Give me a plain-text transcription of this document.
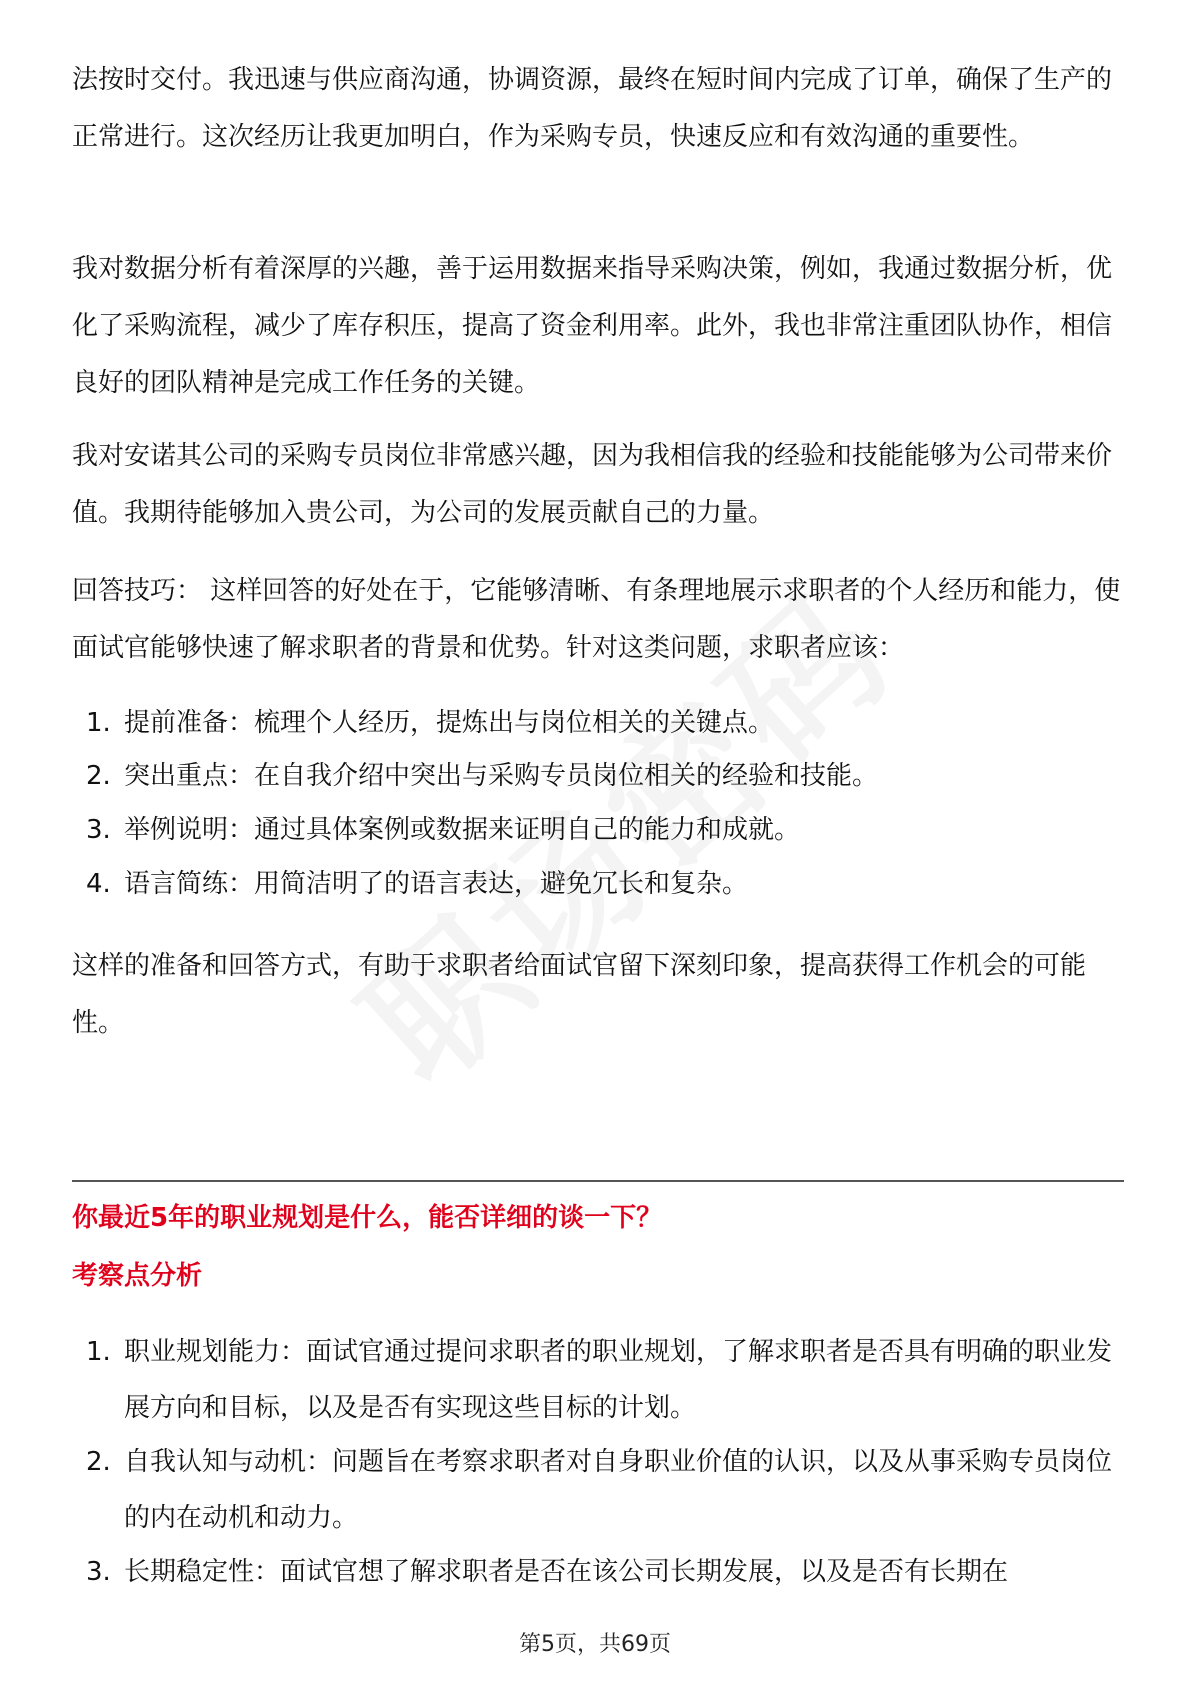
法按时交付。我迅速与供应商沟通，协调资源，最终在短时间内完成了订单，确保了生产的正常进行。这次经历让我更加明白，作为采购专员，快速反应和有效沟通的重要性。

我对数据分析有着深厚的兴趣，善于运用数据来指导采购决策，例如，我通过数据分析，优化了采购流程，减少了库存积压，提高了资金利用率。此外，我也非常注重团队协作，相信良好的团队精神是完成工作任务的关键。

我对安诺其公司的采购专员岗位非常感兴趣，因为我相信我的经验和技能能够为公司带来价值。我期待能够加入贵公司，为公司的发展贡献自己的力量。

回答技巧： 这样回答的好处在于，它能够清晰、有条理地展示求职者的个人经历和能力，使面试官能够快速了解求职者的背景和优势。针对这类问题，求职者应该：

1. 提前准备：梳理个人经历，提炼出与岗位相关的关键点。
2. 突出重点：在自我介绍中突出与采购专员岗位相关的经验和技能。
3. 举例说明：通过具体案例或数据来证明自己的能力和成就。
4. 语言简练：用简洁明了的语言表达，避免冗长和复杂。

这样的准备和回答方式，有助于求职者给面试官留下深刻印象，提高获得工作机会的可能性。

你最近5年的职业规划是什么，能否详细的谈一下？
考察点分析
1. 职业规划能力：面试官通过提问求职者的职业规划，了解求职者是否具有明确的职业发展方向和目标，以及是否有实现这些目标的计划。
2. 自我认知与动机：问题旨在考察求职者对自身职业价值的认识，以及从事采购专员岗位的内在动机和动力。
3. 长期稳定性：面试官想了解求职者是否在该公司长期发展，以及是否有长期在
第5页，共69页
